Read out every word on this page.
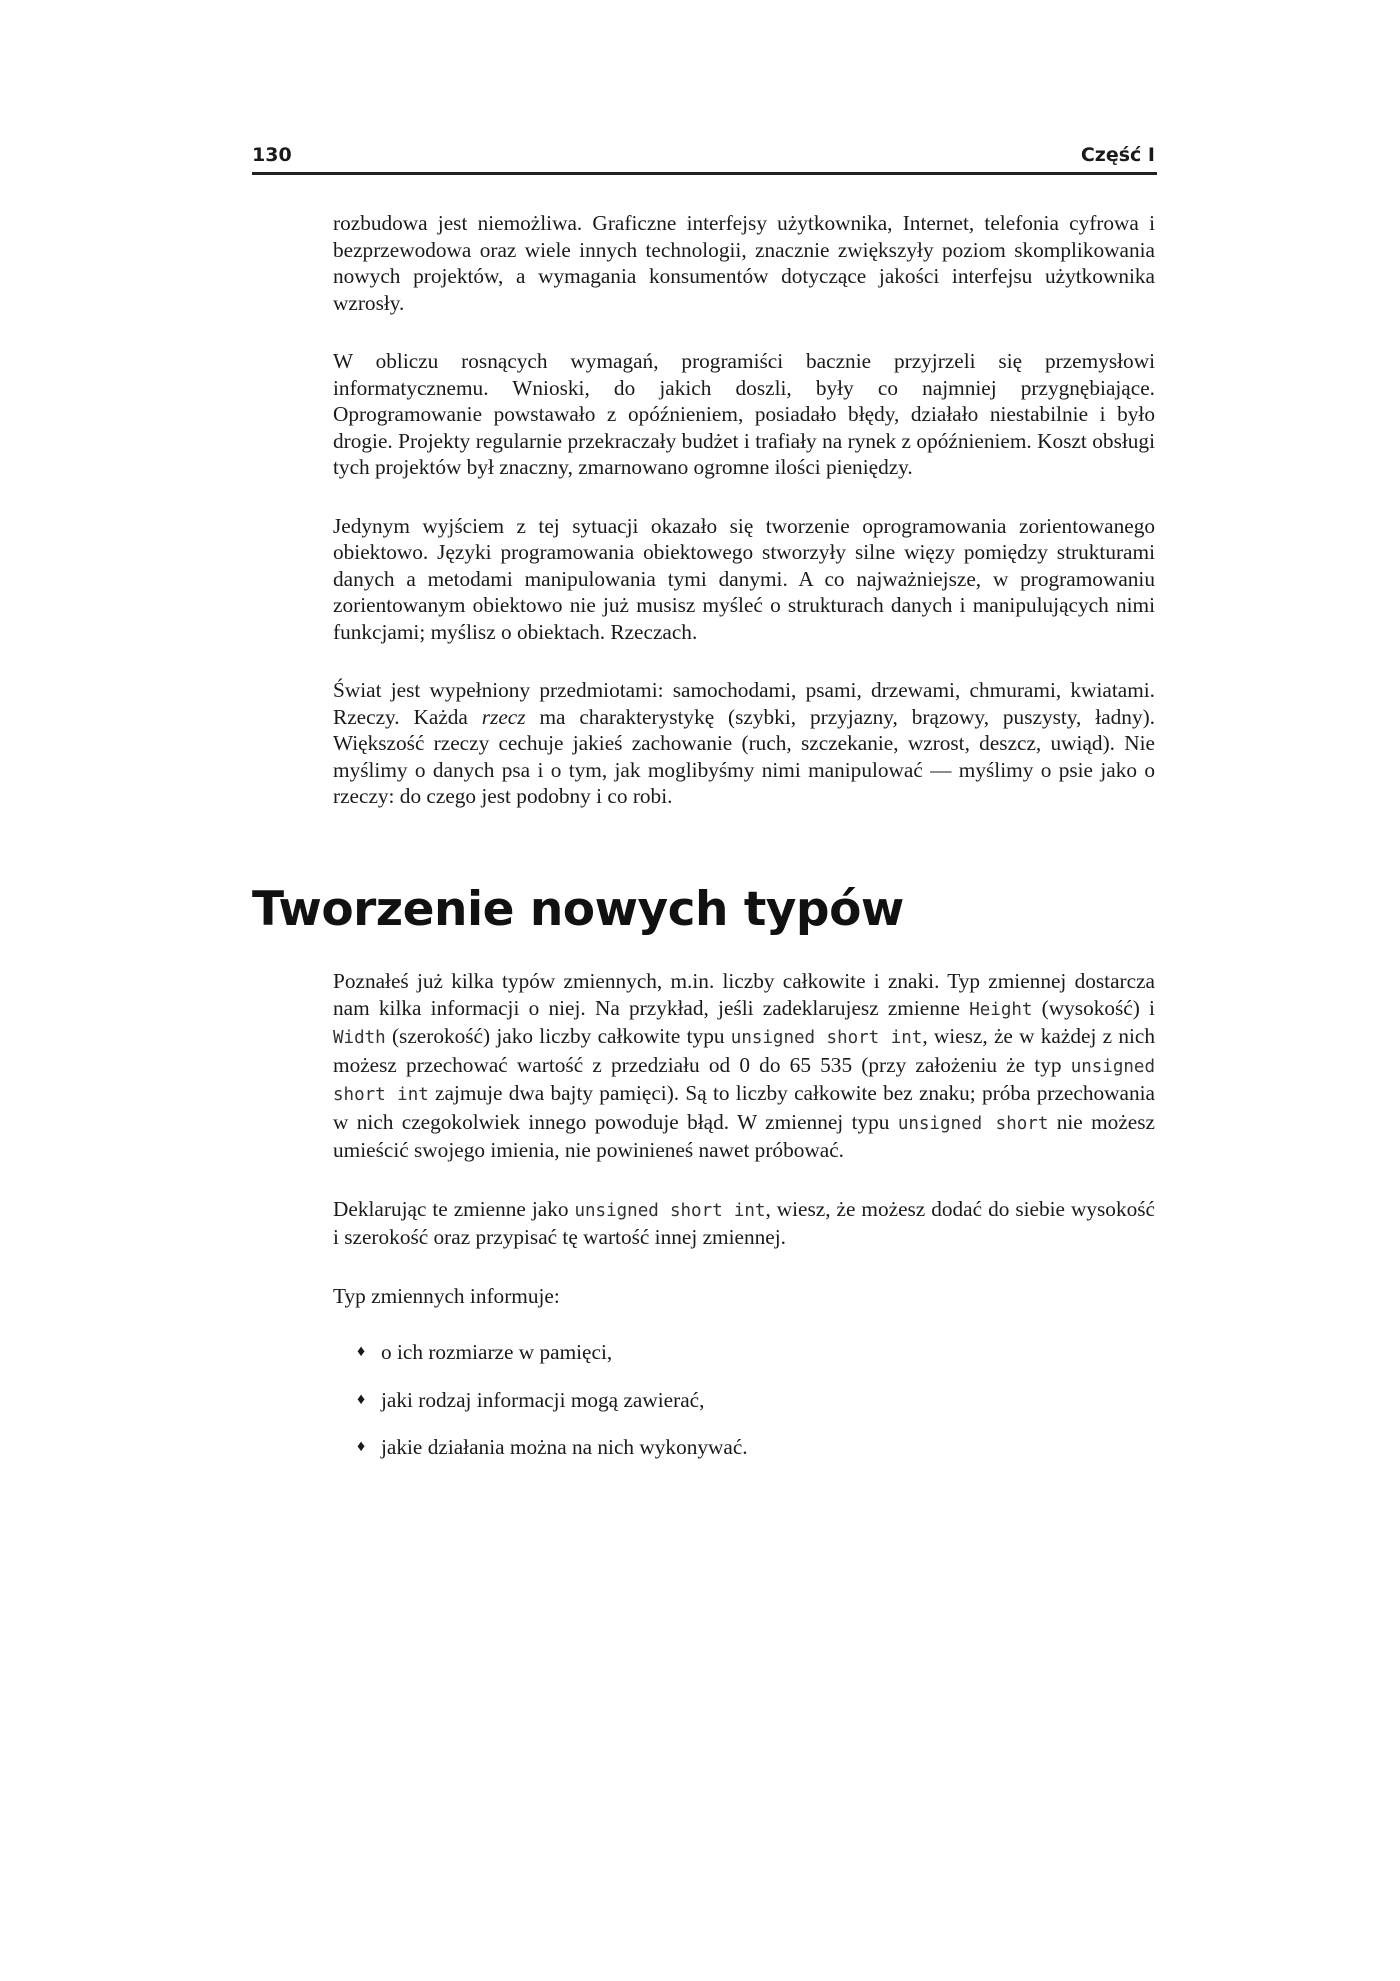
130	Część I

rozbudowa jest niemożliwa. Graficzne interfejsy użytkownika, Internet, telefonia cyfrowa i bezprzewodowa oraz wiele innych technologii, znacznie zwiększyły poziom skomplikowania nowych projektów, a wymagania konsumentów dotyczące jakości interfejsu użytkownika wzrosły.

W obliczu rosnących wymagań, programiści bacznie przyjrzeli się przemysłowi informatycznemu. Wnioski, do jakich doszli, były co najmniej przygnębiające. Oprogramowanie powstawało z opóźnieniem, posiadało błędy, działało niestabilnie i było drogie. Projekty regularnie przekraczały budżet i trafiały na rynek z opóźnieniem. Koszt obsługi tych projektów był znaczny, zmarnowano ogromne ilości pieniędzy.

Jedynym wyjściem z tej sytuacji okazało się tworzenie oprogramowania zorientowanego obiektowo. Języki programowania obiektowego stworzyły silne więzy pomiędzy strukturami danych a metodami manipulowania tymi danymi. A co najważniejsze, w programowaniu zorientowanym obiektowo nie już musisz myśleć o strukturach danych i manipulujących nimi funkcjami; myślisz o obiektach. Rzeczach.

Świat jest wypełniony przedmiotami: samochodami, psami, drzewami, chmurami, kwiatami. Rzeczy. Każda rzecz ma charakterystykę (szybki, przyjazny, brązowy, puszysty, ładny). Większość rzeczy cechuje jakieś zachowanie (ruch, szczekanie, wzrost, deszcz, uwiąd). Nie myślimy o danych psa i o tym, jak moglibyśmy nimi manipulować — myślimy o psie jako o rzeczy: do czego jest podobny i co robi.

Tworzenie nowych typów

Poznałeś już kilka typów zmiennych, m.in. liczby całkowite i znaki. Typ zmiennej dostarcza nam kilka informacji o niej. Na przykład, jeśli zadeklarujesz zmienne Height (wysokość) i Width (szerokość) jako liczby całkowite typu unsigned short int, wiesz, że w każdej z nich możesz przechować wartość z przedziału od 0 do 65 535 (przy założeniu że typ unsigned short int zajmuje dwa bajty pamięci). Są to liczby całkowite bez znaku; próba przechowania w nich czegokolwiek innego powoduje błąd. W zmiennej typu unsigned short nie możesz umieścić swojego imienia, nie powinieneś nawet próbować.

Deklarując te zmienne jako unsigned short int, wiesz, że możesz dodać do siebie wysokość i szerokość oraz przypisać tę wartość innej zmiennej.

Typ zmiennych informuje:

♦ o ich rozmiarze w pamięci,
♦ jaki rodzaj informacji mogą zawierać,
♦ jakie działania można na nich wykonywać.
